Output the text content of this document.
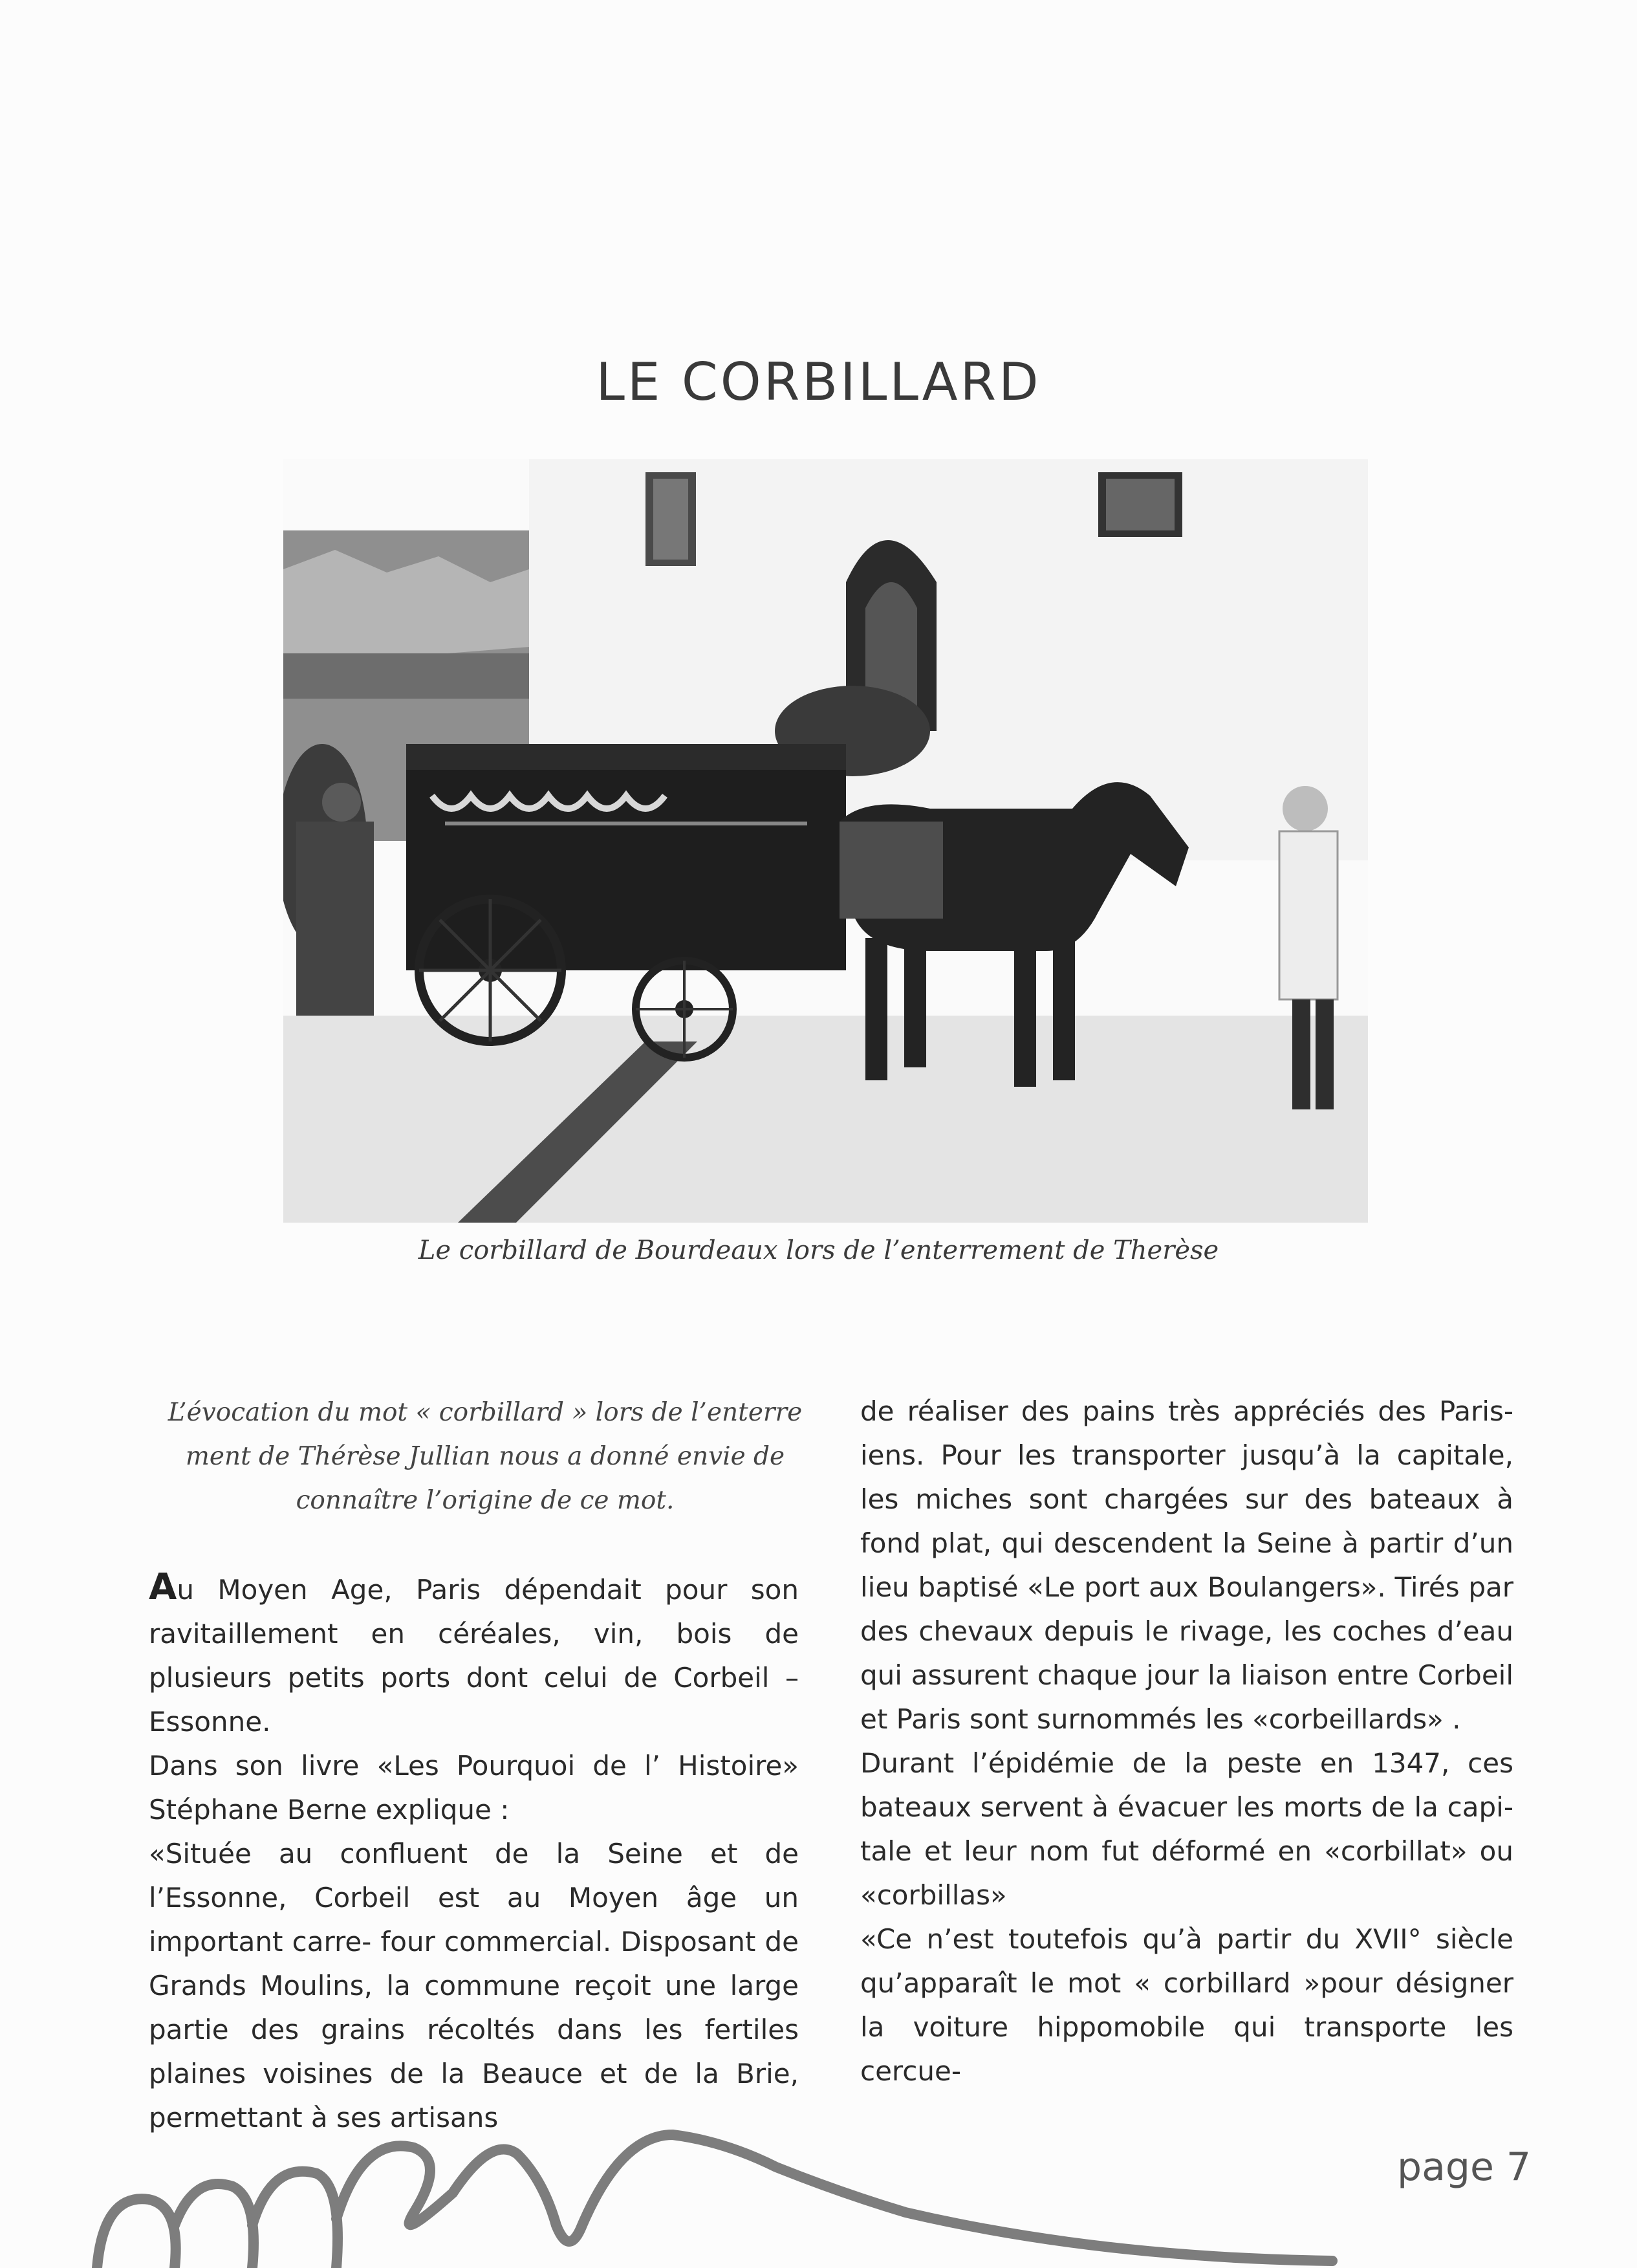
LE CORBILLARD
Le corbillard de Bourdeaux lors de l’enterrement de Therèse
L’évocation du mot « corbillard » lors de l’enterre ment de Thérèse Jullian nous a donné envie de connaître l’origine de ce mot.

Au Moyen Age, Paris dépendait pour son ravitaillement en céréales, vin, bois de plusieurs petits ports dont celui de Corbeil – Essonne.

Dans son livre «Les Pourquoi de l’ Histoire» Stéphane Berne explique :

«Située au confluent de la Seine et de l’Essonne, Corbeil est au Moyen âge un important carre- four commercial. Disposant de Grands Moulins, la commune reçoit une large partie des grains récoltés dans les fertiles plaines voisines de la Beauce et de la Brie, permettant à ses artisans

de réaliser des pains très appréciés des Paris- iens. Pour les transporter jusqu’à la capitale, les miches sont chargées sur des bateaux à fond plat, qui descendent la Seine à partir d’un lieu baptisé «Le port aux Boulangers». Tirés par des chevaux depuis le rivage, les coches d’eau qui assurent chaque jour la liaison entre Corbeil et Paris sont surnommés les «corbeillards» .

Durant l’épidémie de la peste en 1347, ces bateaux servent à évacuer les morts de la capi- tale et leur nom fut déformé en «corbillat» ou «corbillas»

«Ce n’est toutefois qu’à partir du XVII° siècle qu’apparaît le mot « corbillard »pour désigner la voiture hippomobile qui transporte les cercue-

page 7
